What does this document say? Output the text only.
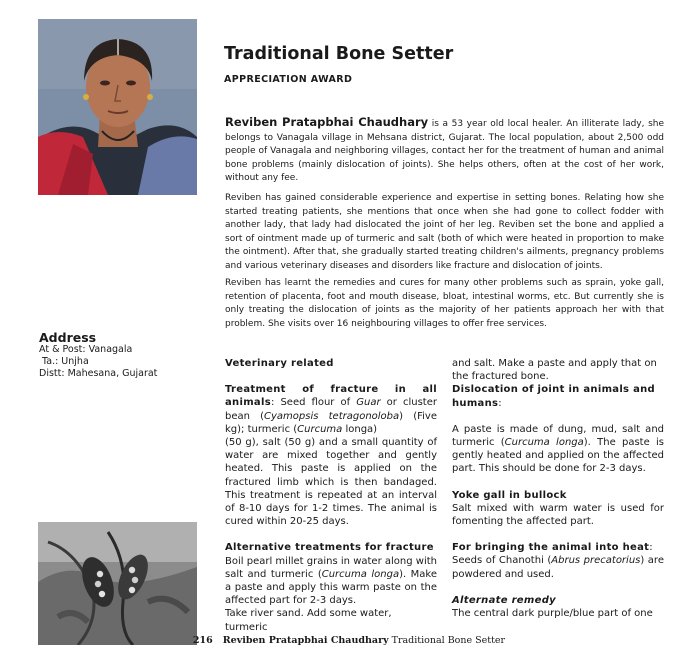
Traditional Bone Setter
APPRECIATION AWARD

Reviben Pratapbhai Chaudhary is a 53 year old local healer. An illiterate lady, she belongs to Vanagala village in Mehsana district, Gujarat. The local population, about 2,500 odd people of Vanagala and neighboring villages, contact her for the treatment of human and animal bone problems (mainly dislocation of joints). She helps others, often at the cost of her work, without any fee.

Reviben has gained considerable experience and expertise in setting bones. Relating how she started treating patients, she mentions that once when she had gone to collect fodder with another lady, that lady had dislocated the joint of her leg. Reviben set the bone and applied a sort of ointment made up of turmeric and salt (both of which were heated in proportion to make the ointment). After that, she gradually started treating children's ailments, pregnancy problems and various veterinary diseases and disorders like fracture and dislocation of joints.

Reviben has learnt the remedies and cures for many other problems such as sprain, yoke gall, retention of placenta, foot and mouth disease, bloat, intestinal worms, etc. But currently she is only treating the dislocation of joints as the majority of her patients approach her with that problem. She visits over 16 neighbouring villages to offer free services.

Address
At & Post: Vanagala
Ta.: Unjha
Distt: Mahesana, Gujarat

Veterinary related

Treatment of fracture in all animals: Seed flour of Guar or cluster bean (Cyamopsis tetragonoloba) (Five kg); turmeric (Curcuma longa)

(50 g), salt (50 g) and a small quantity of water are mixed together and gently heated. This paste is applied on the fractured limb which is then bandaged. This treatment is repeated at an interval of 8-10 days for 1-2 times. The animal is cured within 20-25 days.

Alternative treatments for fracture

Boil pearl millet grains in water along with salt and turmeric (Curcuma longa). Make a paste and apply this warm paste on the affected part for 2-3 days.

Take river sand. Add some water, turmeric

and salt. Make a paste and apply that on the fractured bone.

Dislocation of joint in animals and humans:

A paste is made of dung, mud, salt and turmeric (Curcuma longa). The paste is gently heated and applied on the affected part. This should be done for 2-3 days.

Yoke gall in bullock

Salt mixed with warm water is used for fomenting the affected part.

For bringing the animal into heat:

Seeds of Chanothi (Abrus precatorius) are powdered and used.

Alternate remedy

The central dark purple/blue part of one

216 Reviben Pratapbhai Chaudhary Traditional Bone Setter
